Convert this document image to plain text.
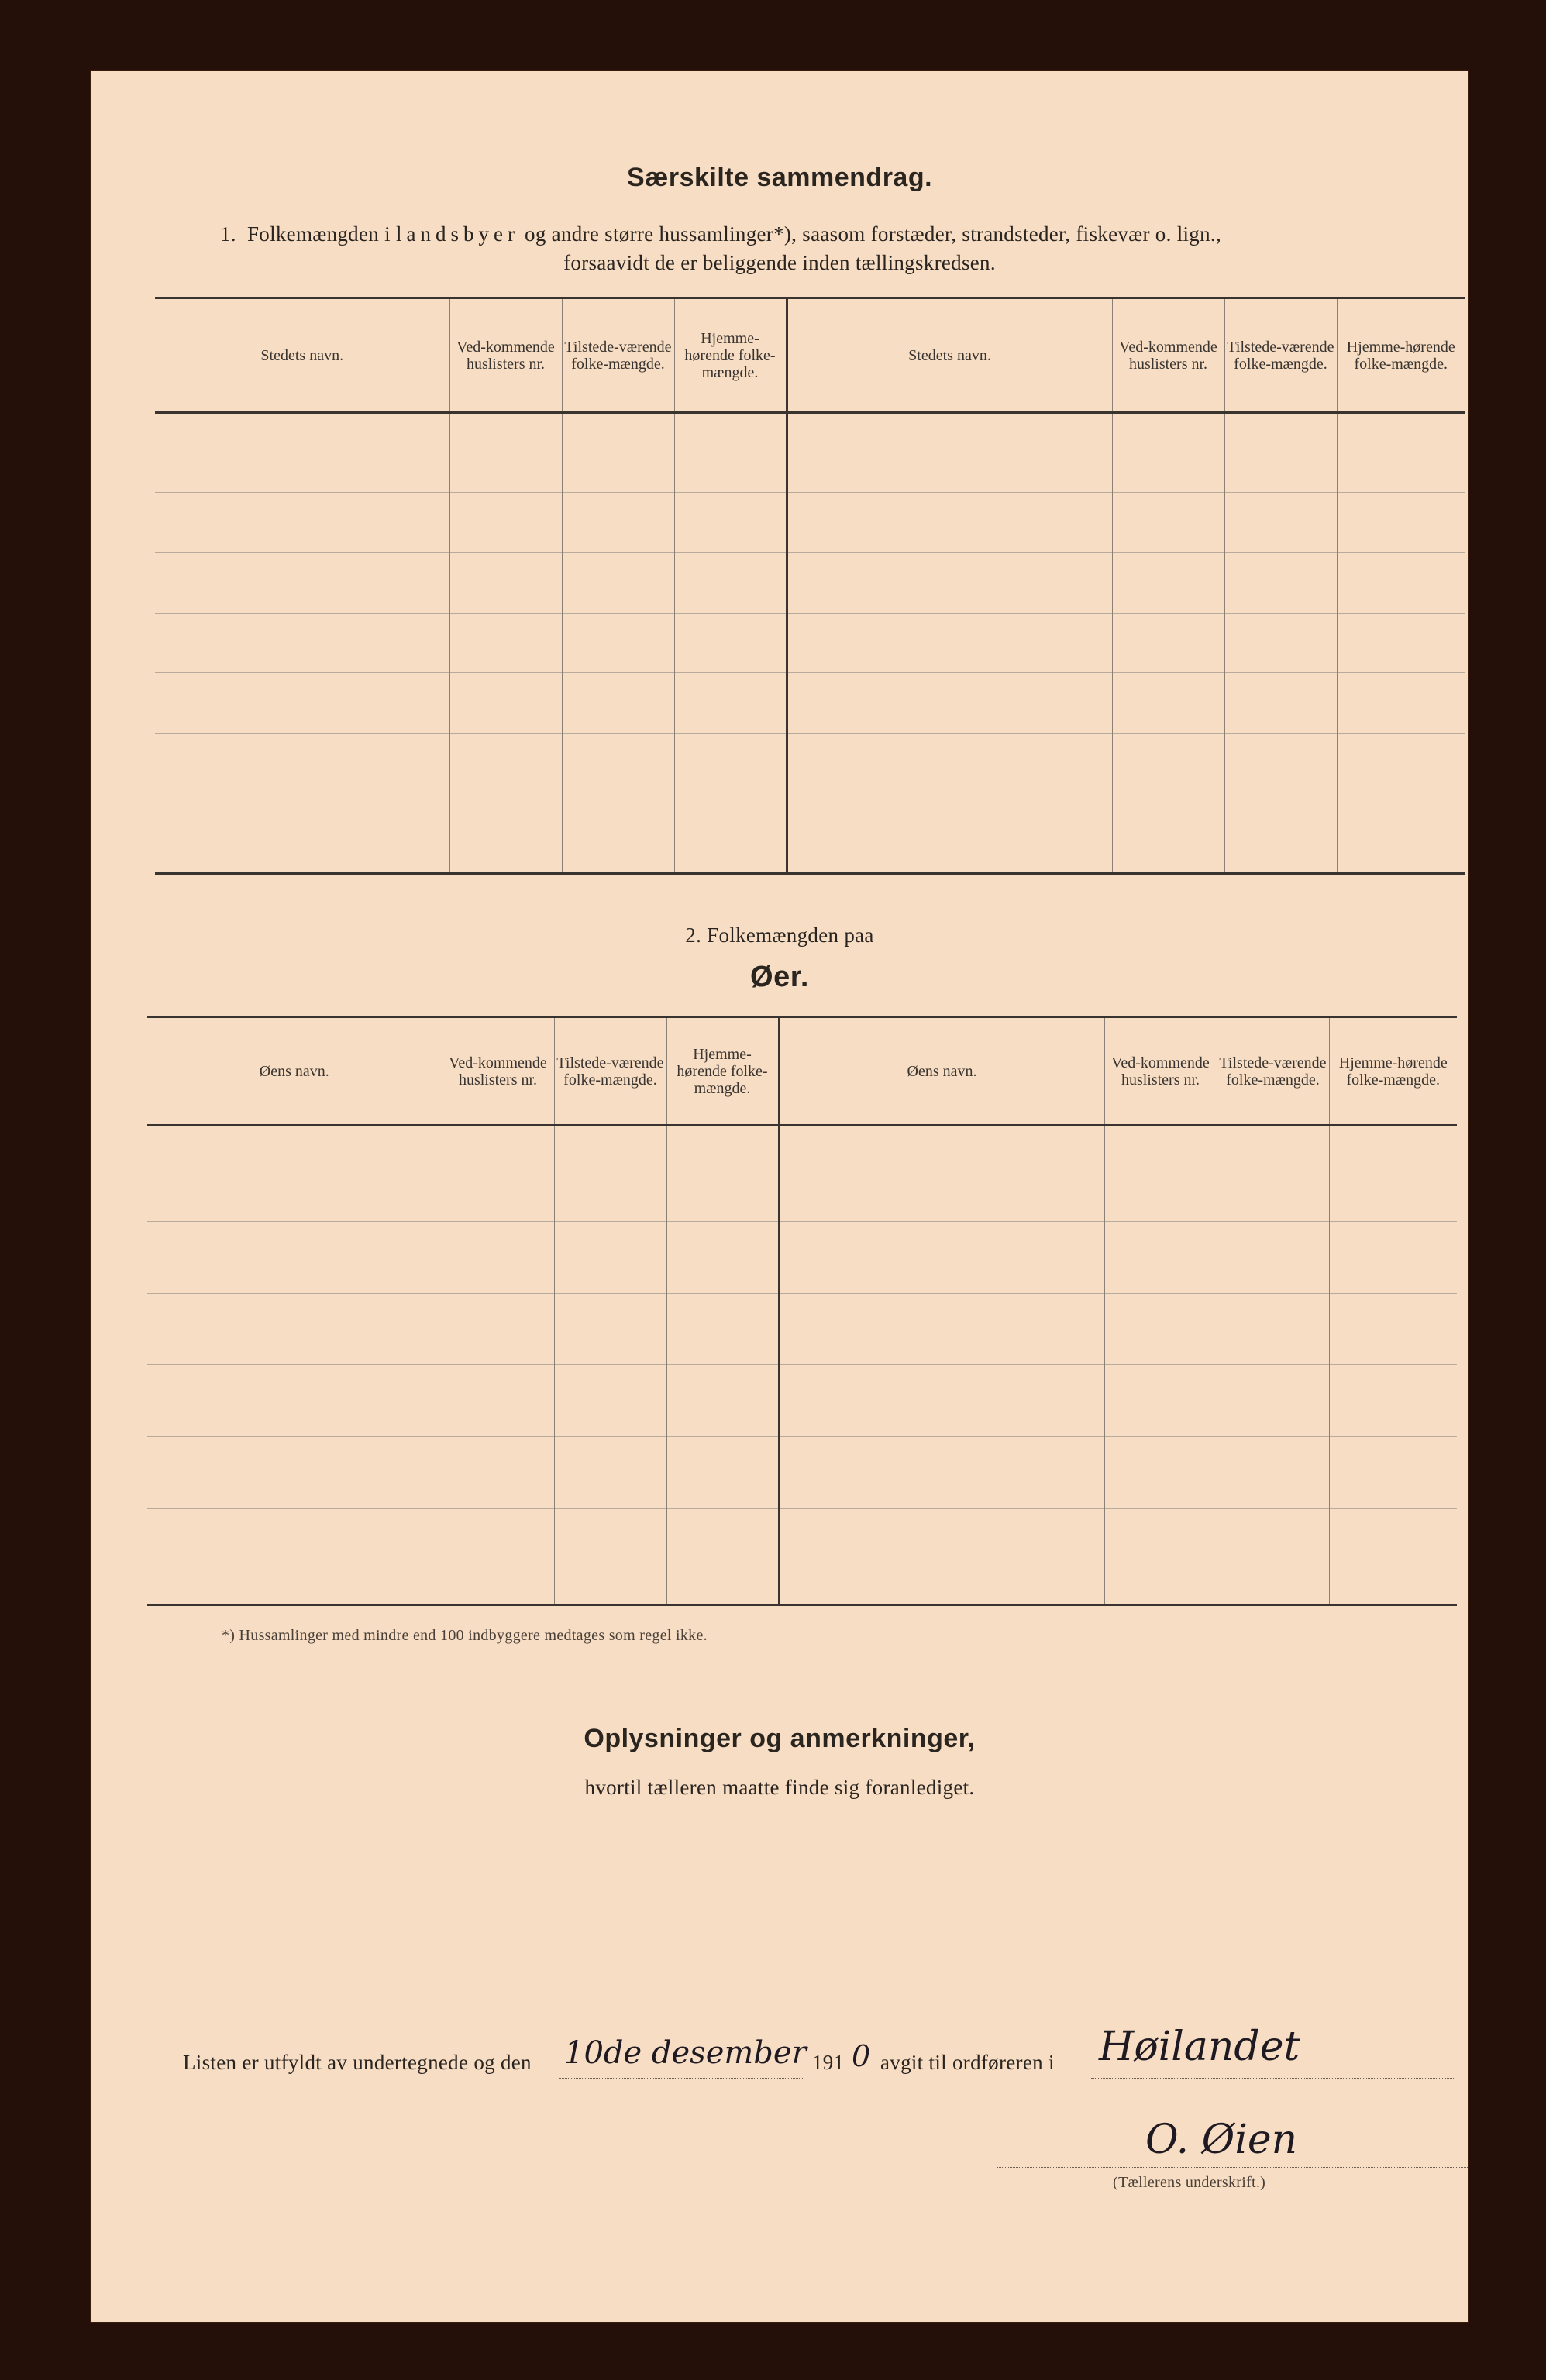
Særskilte sammendrag.
1. Folkemængden i landsbyer og andre større hussamlinger*), saasom forstæder, strandsteder, fiskevær o. lign.,
forsaavidt de er beliggende inden tællingskredsen.
Stedets navn.	Ved-kommende huslisters nr.	Tilstede-værende folke-mængde.	Hjemme-hørende folke-mængde.	Stedets navn.	Ved-kommende huslisters nr.	Tilstede-værende folke-mængde.	Hjemme-hørende folke-mængde.

2. Folkemængden paa
Øer.
Øens navn.	Ved-kommende huslisters nr.	Tilstede-værende folke-mængde.	Hjemme-hørende folke-mængde.	Øens navn.	Ved-kommende huslisters nr.	Tilstede-værende folke-mængde.	Hjemme-hørende folke-mængde.

*) Hussamlinger med mindre end 100 indbyggere medtages som regel ikke.
Oplysninger og anmerkninger,
hvortil tælleren maatte finde sig foranlediget.
Listen er utfyldt av undertegnede og den 10de desember 191 0 avgit til ordføreren i Høilandet
O. Øien
(Tællerens underskrift.)
